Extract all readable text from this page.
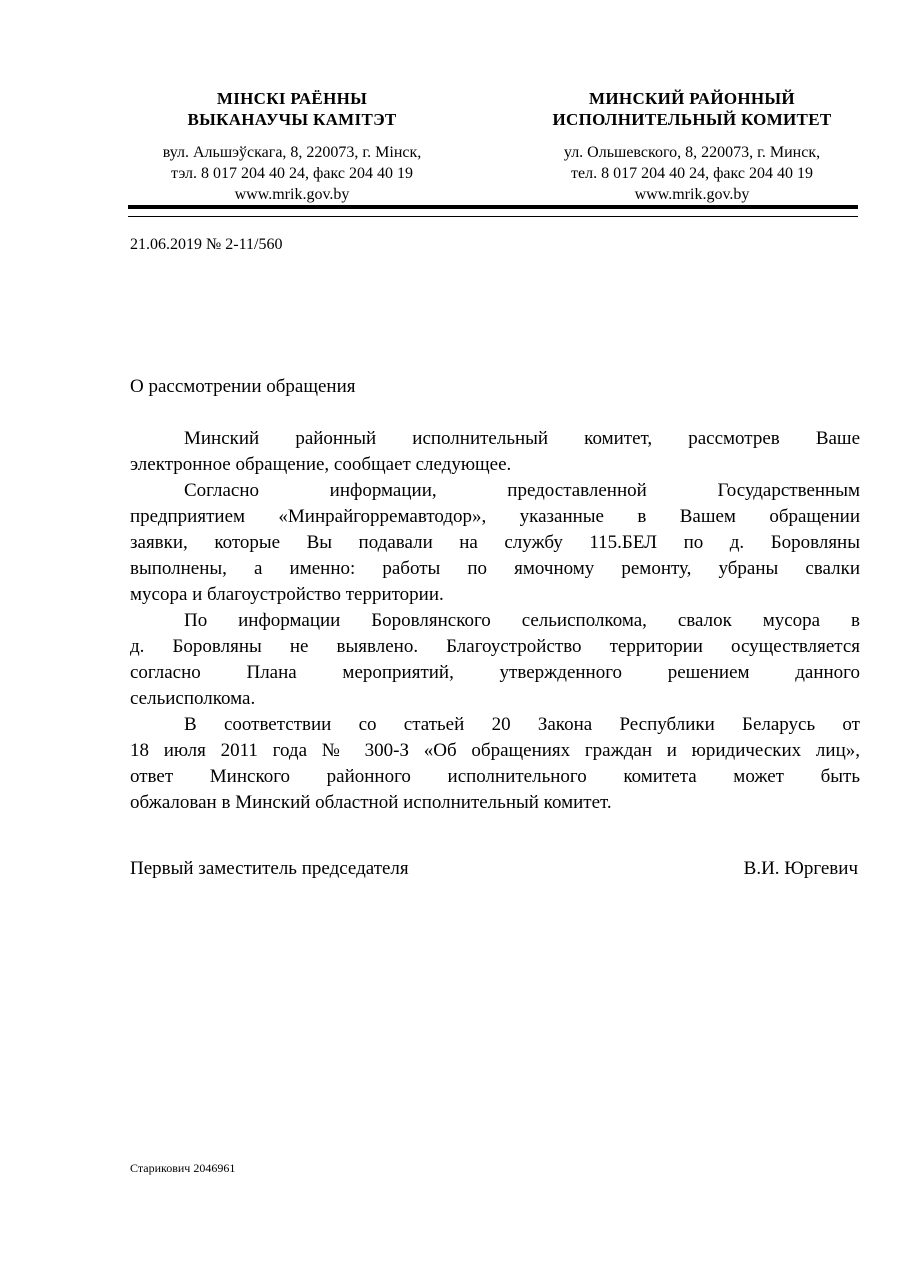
МІНСКІ РАЁННЫ
ВЫКАНАУЧЫ КАМІТЭТ
вул. Альшэўскага, 8, 220073, г. Мінск,
тэл. 8 017 204 40 24, факс 204 40 19
www.mrik.gov.by
МИНСКИЙ РАЙОННЫЙ
ИСПОЛНИТЕЛЬНЫЙ КОМИТЕТ
ул. Ольшевского, 8, 220073, г. Минск,
тел. 8 017 204 40 24, факс 204 40 19
www.mrik.gov.by
21.06.2019 № 2-11/560
О рассмотрении обращения
Минский районный исполнительный комитет, рассмотрев Ваше
электронное обращение, сообщает следующее.
Согласно информации, предоставленной Государственным
предприятием «Минрайгорремавтодор», указанные в Вашем обращении
заявки, которые Вы подавали на службу 115.БЕЛ по д. Боровляны
выполнены, а именно: работы по ямочному ремонту, убраны свалки
мусора и благоустройство территории.
По информации Боровлянского сельисполкома, свалок мусора в
д. Боровляны не выявлено. Благоустройство территории осуществляется
согласно Плана мероприятий, утвержденного решением данного
сельисполкома.
В соответствии со статьей 20 Закона Республики Беларусь от
18 июля 2011 года № 300-З «Об обращениях граждан и юридических лиц»,
ответ Минского районного исполнительного комитета может быть
обжалован в Минский областной исполнительный комитет.
Первый заместитель председателя	В.И. Юргевич
Старикович 2046961
